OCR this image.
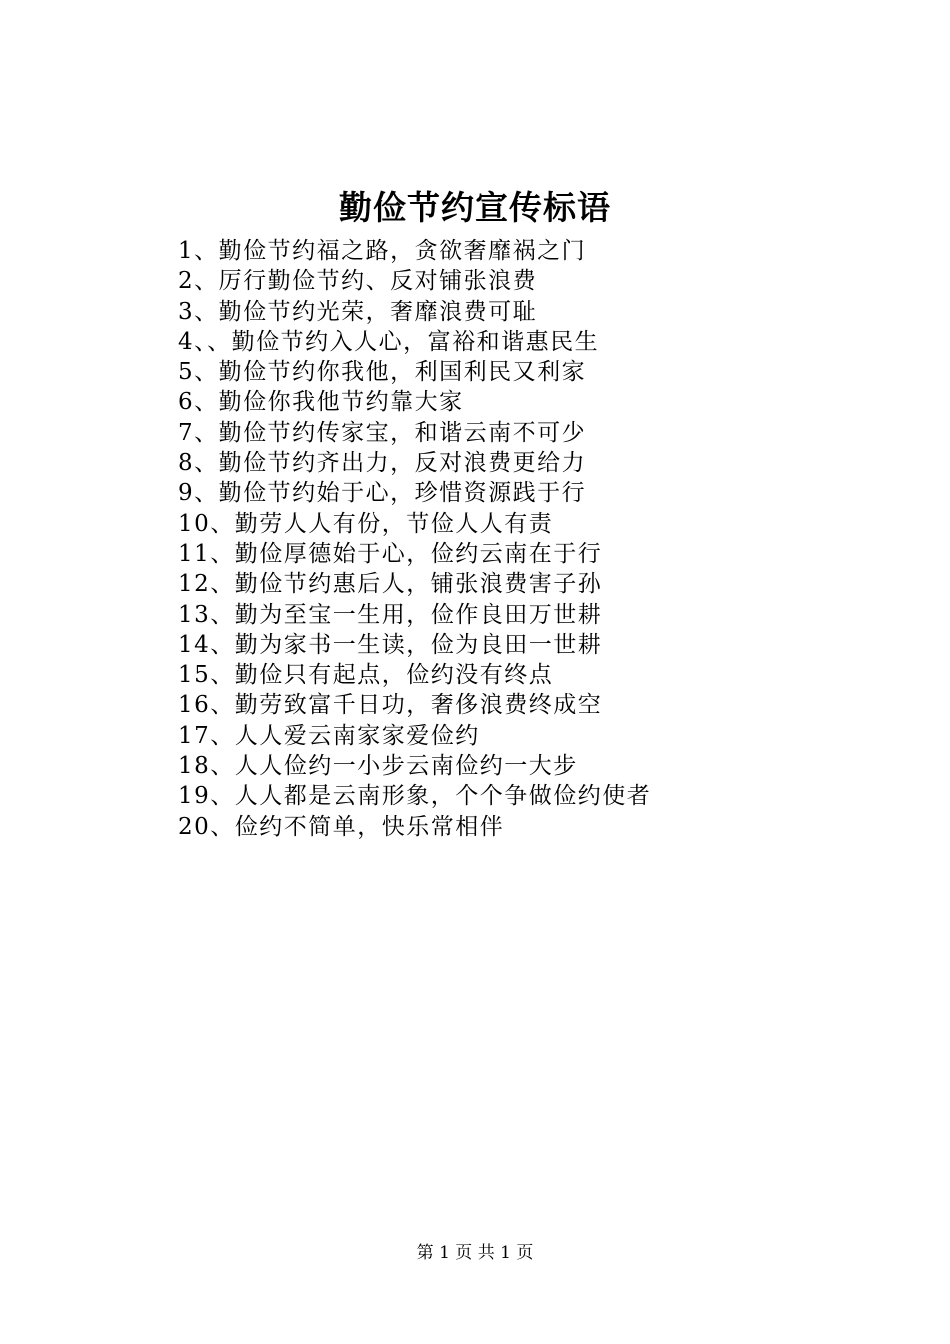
勤俭节约宣传标语
1、勤俭节约福之路，贪欲奢靡祸之门
2、厉行勤俭节约、反对铺张浪费
3、勤俭节约光荣，奢靡浪费可耻
4、、勤俭节约入人心，富裕和谐惠民生
5、勤俭节约你我他，利国利民又利家
6、勤俭你我他节约靠大家
7、勤俭节约传家宝，和谐云南不可少
8、勤俭节约齐出力，反对浪费更给力
9、勤俭节约始于心，珍惜资源践于行
10、勤劳人人有份，节俭人人有责
11、勤俭厚德始于心，俭约云南在于行
12、勤俭节约惠后人，铺张浪费害子孙
13、勤为至宝一生用，俭作良田万世耕
14、勤为家书一生读，俭为良田一世耕
15、勤俭只有起点，俭约没有终点
16、勤劳致富千日功，奢侈浪费终成空
17、人人爱云南家家爱俭约
18、人人俭约一小步云南俭约一大步
19、人人都是云南形象，个个争做俭约使者
20、俭约不简单，快乐常相伴
第 1 页 共 1 页
